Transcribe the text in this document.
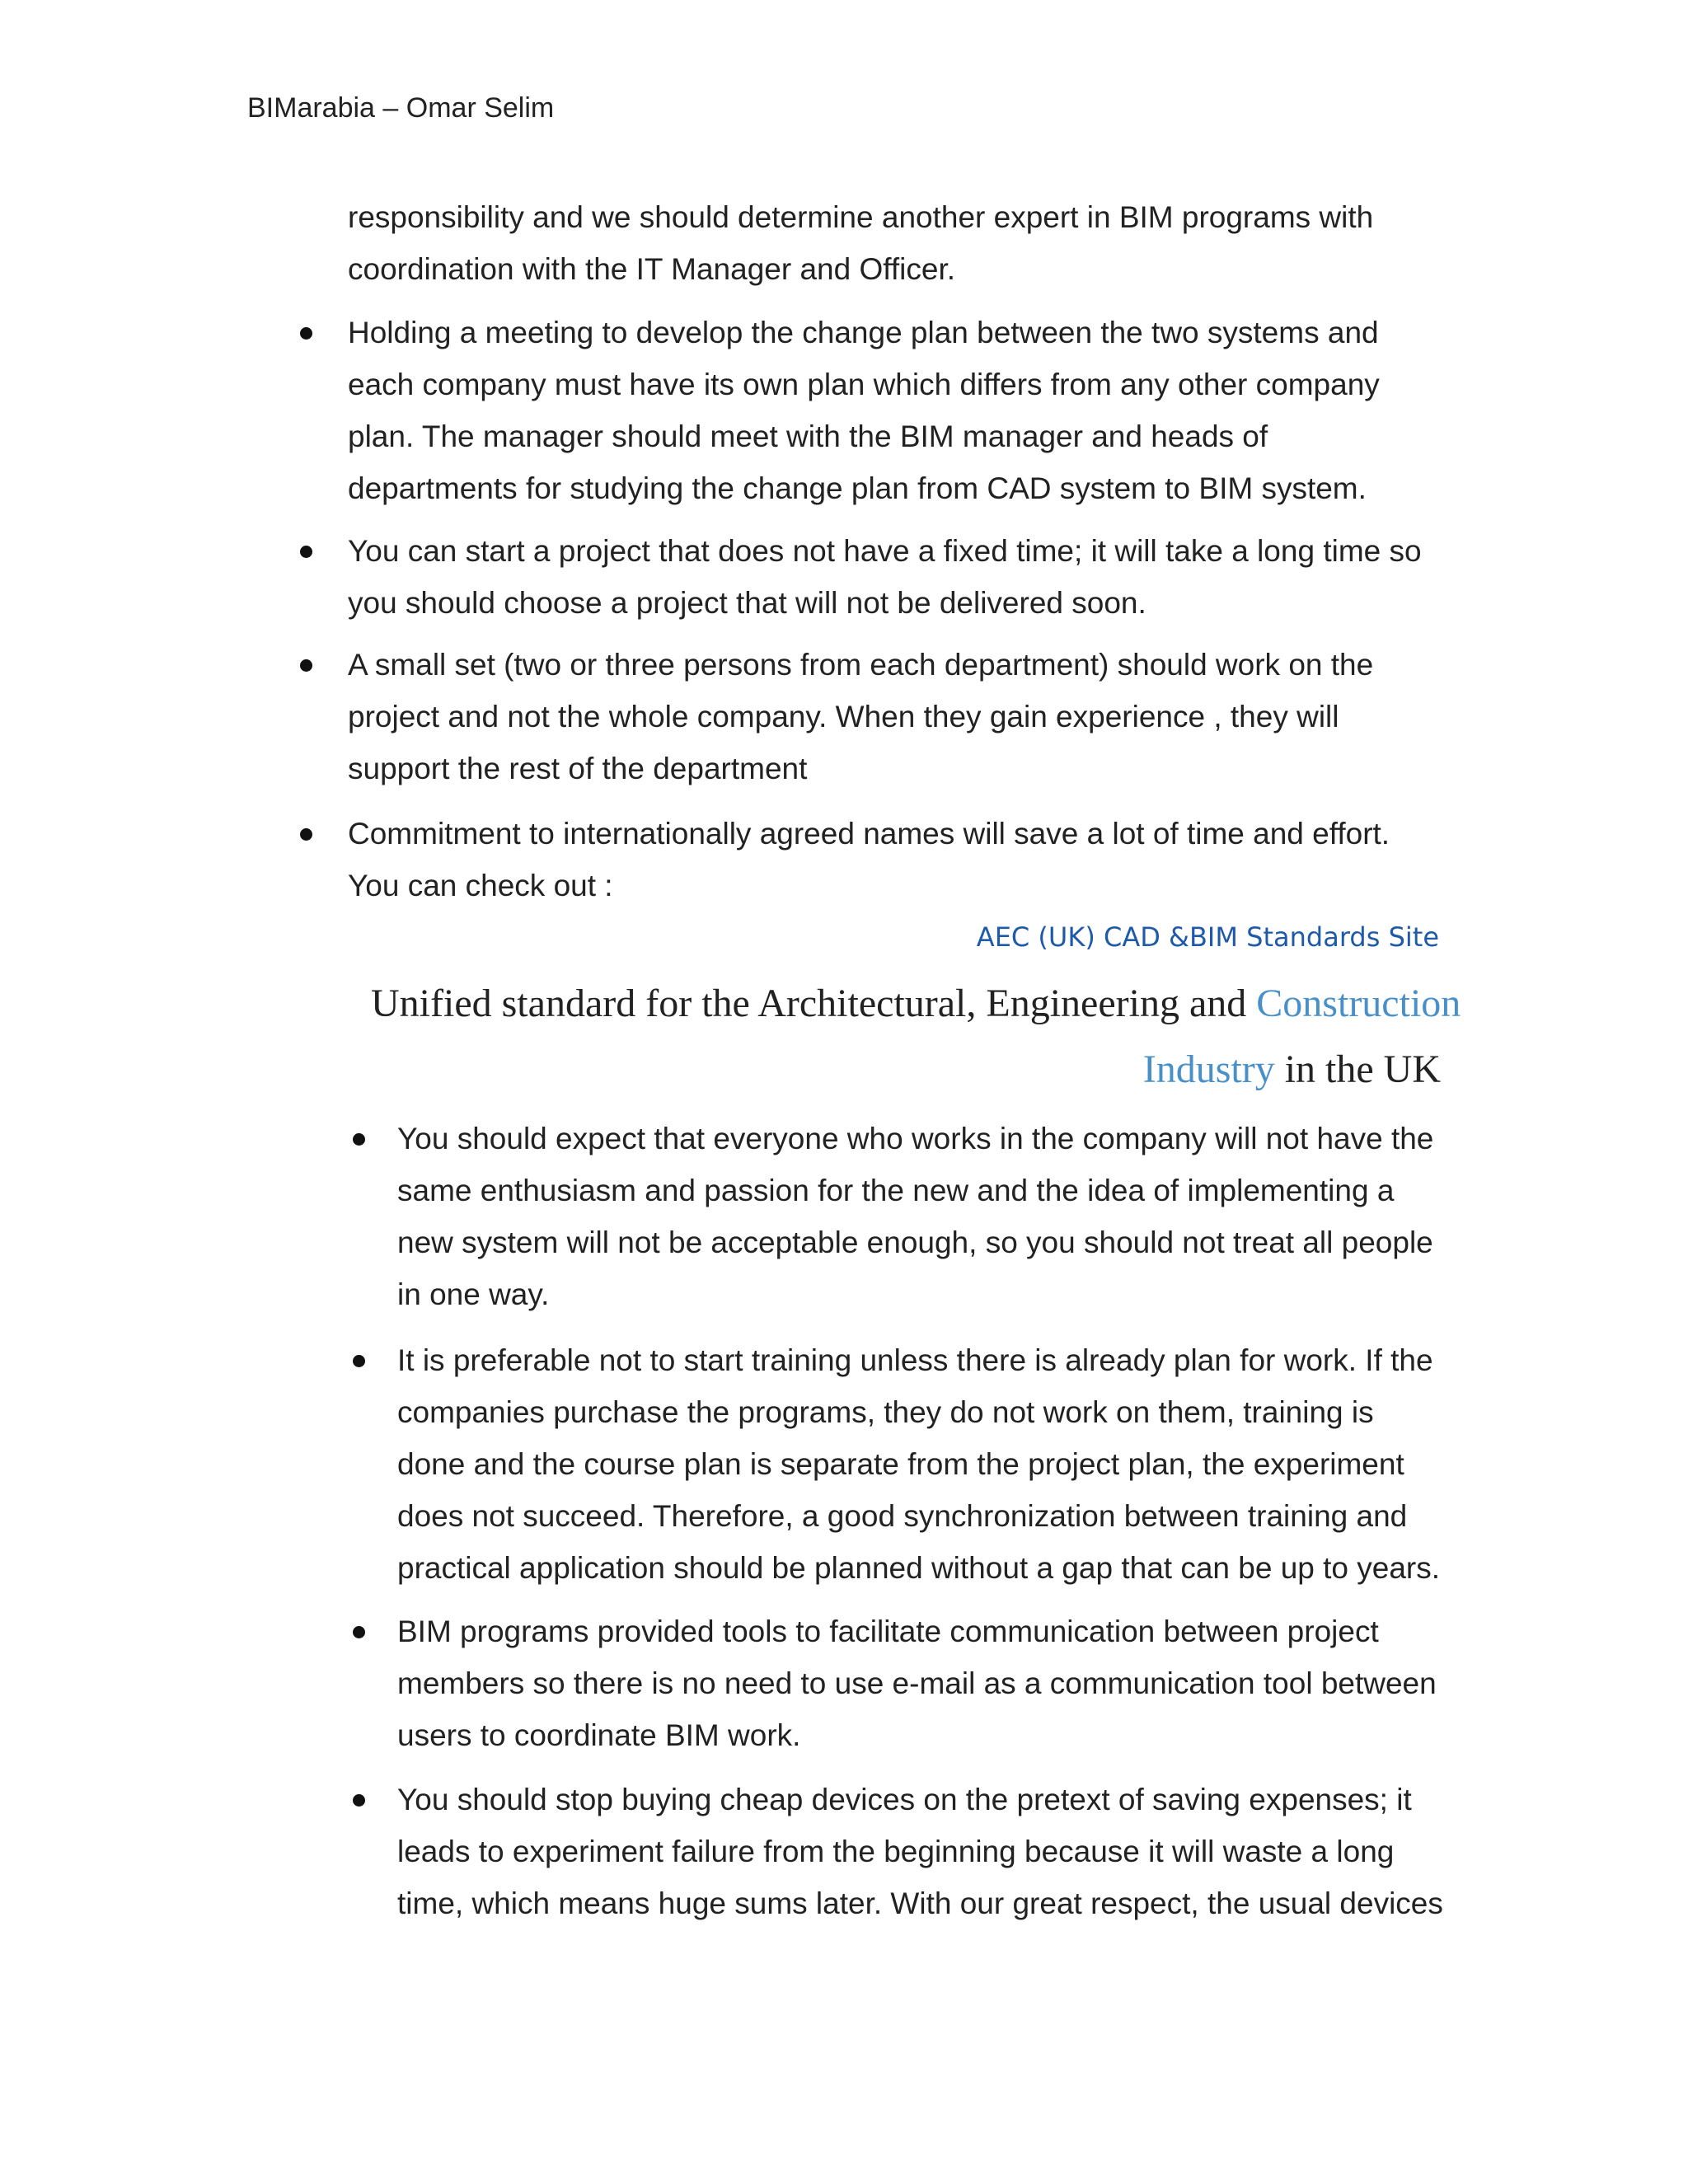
BIMarabia – Omar Selim
responsibility and we should determine another expert in BIM programs with
coordination with the IT Manager and Officer.
Holding a meeting to develop the change plan between the two systems and
each company must have its own plan which differs from any other company
plan. The manager should meet with the BIM manager and heads of
departments for studying the change plan from CAD system to BIM system.
You can start a project that does not have a fixed time; it will take a long time so
you should choose a project that will not be delivered soon.
A small set (two or three persons from each department) should work on the
project and not the whole company. When they gain experience , they will
support the rest of the department
Commitment to internationally agreed names will save a lot of time and effort.
You can check out :
AEC (UK) CAD &BIM Standards Site
Unified standard for the Architectural, Engineering and Construction
Industry in the UK
You should expect that everyone who works in the company will not have the
same enthusiasm and passion for the new and the idea of implementing a
new system will not be acceptable enough, so you should not treat all people
in one way.
It is preferable not to start training unless there is already plan for work. If the
companies purchase the programs, they do not work on them, training is
done and the course plan is separate from the project plan, the experiment
does not succeed. Therefore, a good synchronization between training and
practical application should be planned without a gap that can be up to years.
BIM programs provided tools to facilitate communication between project
members so there is no need to use e-mail as a communication tool between
users to coordinate BIM work.
You should stop buying cheap devices on the pretext of saving expenses; it
leads to experiment failure from the beginning because it will waste a long
time, which means huge sums later. With our great respect, the usual devices
